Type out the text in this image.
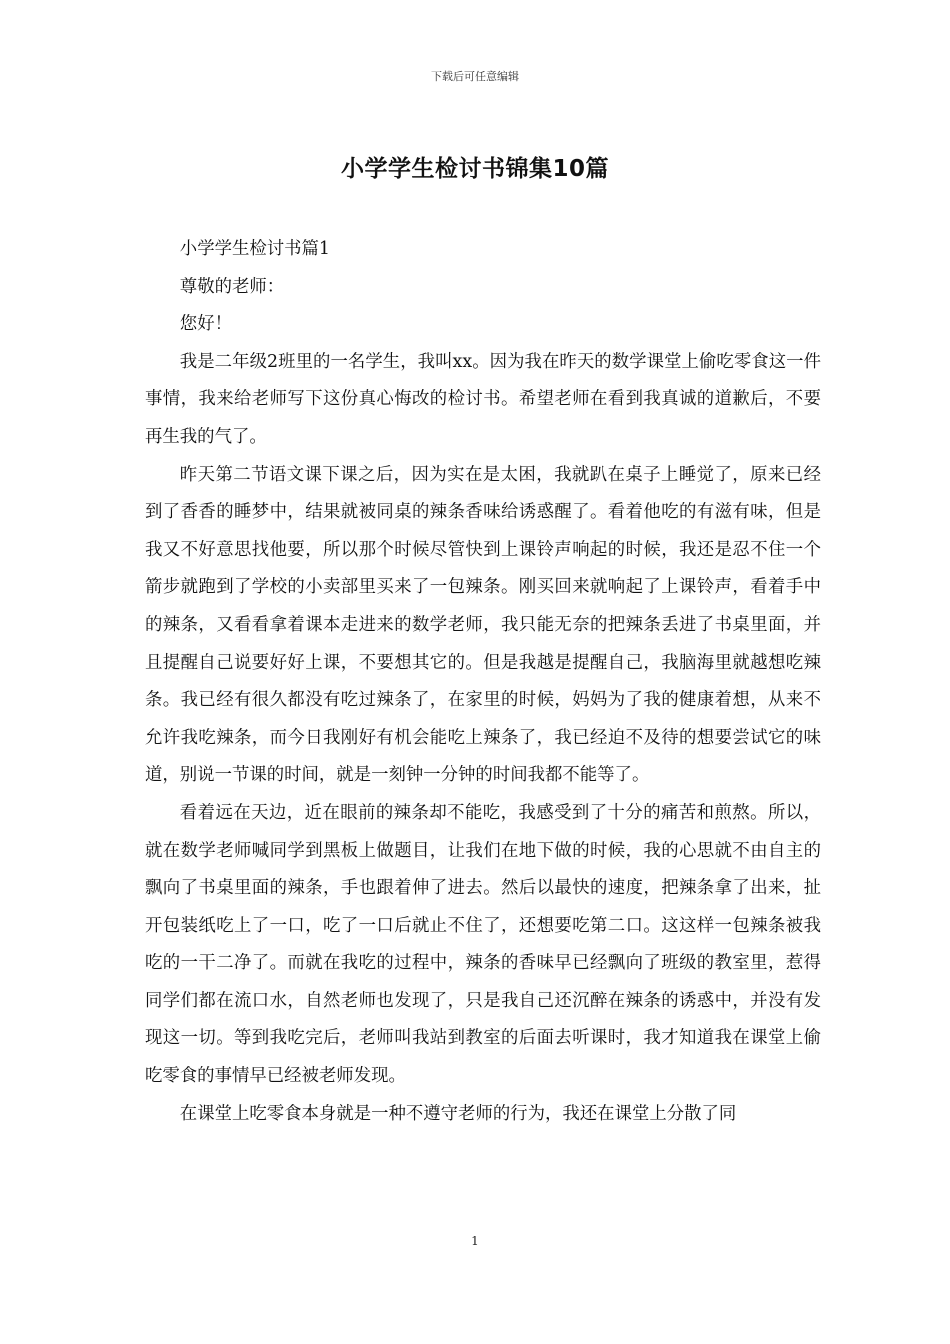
下载后可任意编辑
小学学生检讨书锦集10篇

小学学生检讨书篇1

尊敬的老师：

您好！

我是二年级2班里的一名学生，我叫xx。因为我在昨天的数学课堂上偷吃零食这一件事情，我来给老师写下这份真心悔改的检讨书。希望老师在看到我真诚的道歉后，不要再生我的气了。

昨天第二节语文课下课之后，因为实在是太困，我就趴在桌子上睡觉了，原来已经到了香香的睡梦中，结果就被同桌的辣条香味给诱惑醒了。看着他吃的有滋有味，但是我又不好意思找他要，所以那个时候尽管快到上课铃声响起的时候，我还是忍不住一个箭步就跑到了学校的小卖部里买来了一包辣条。刚买回来就响起了上课铃声，看着手中的辣条，又看看拿着课本走进来的数学老师，我只能无奈的把辣条丢进了书桌里面，并且提醒自己说要好好上课，不要想其它的。但是我越是提醒自己，我脑海里就越想吃辣条。我已经有很久都没有吃过辣条了，在家里的时候，妈妈为了我的健康着想，从来不允许我吃辣条，而今日我刚好有机会能吃上辣条了，我已经迫不及待的想要尝试它的味道，别说一节课的时间，就是一刻钟一分钟的时间我都不能等了。

看着远在天边，近在眼前的辣条却不能吃，我感受到了十分的痛苦和煎熬。所以，就在数学老师喊同学到黑板上做题目，让我们在地下做的时候，我的心思就不由自主的飘向了书桌里面的辣条，手也跟着伸了进去。然后以最快的速度，把辣条拿了出来，扯开包装纸吃上了一口，吃了一口后就止不住了，还想要吃第二口。这这样一包辣条被我吃的一干二净了。而就在我吃的过程中，辣条的香味早已经飘向了班级的教室里，惹得同学们都在流口水，自然老师也发现了，只是我自己还沉醉在辣条的诱惑中，并没有发现这一切。等到我吃完后，老师叫我站到教室的后面去听课时，我才知道我在课堂上偷吃零食的事情早已经被老师发现。

在课堂上吃零食本身就是一种不遵守老师的行为，我还在课堂上分散了同

1
